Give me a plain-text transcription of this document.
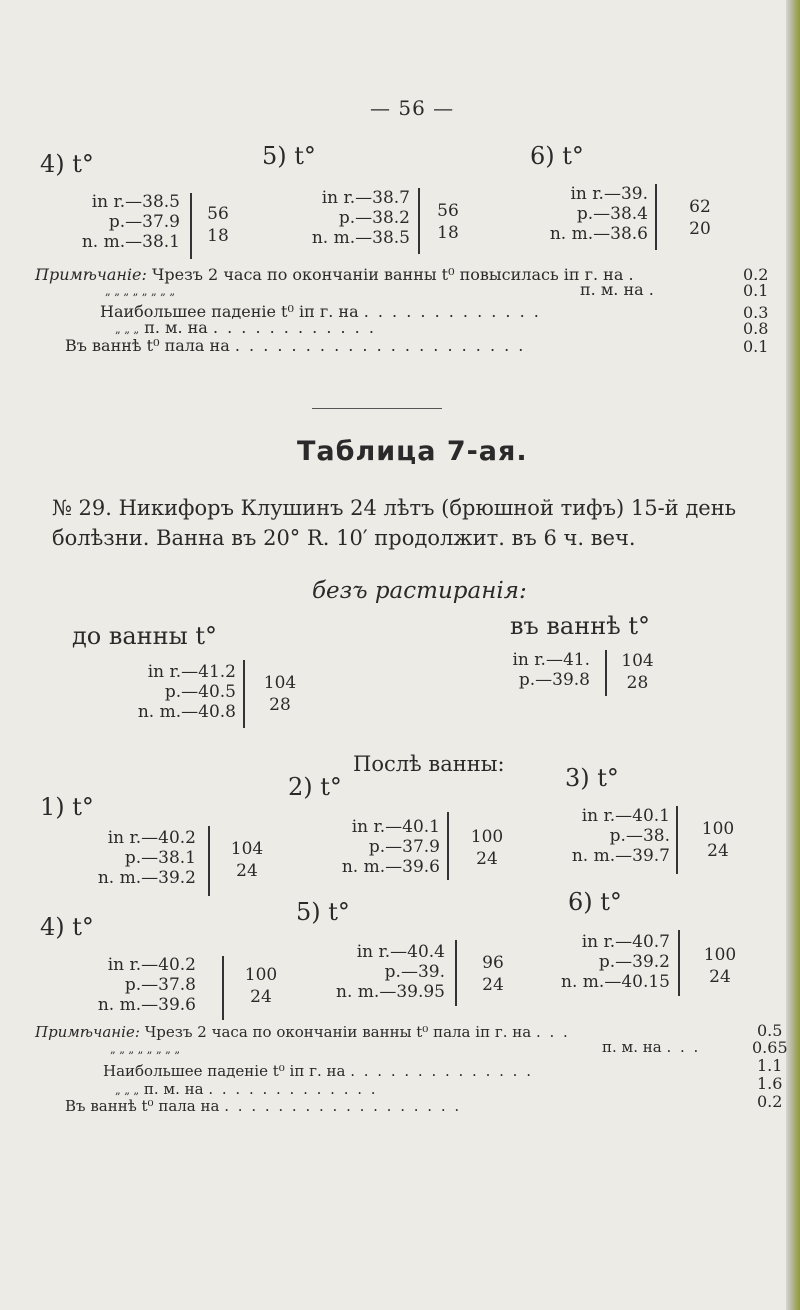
— 56 —
4) t°
in r.—38.5
p.—37.9
n. m.—38.1
56
18
5) t°
in r.—38.7
p.—38.2
n. m.—38.5
56
18
6) t°
in r.—39.
p.—38.4
n. m.—38.6
62
20
Примѣчаніе: Чрезъ 2 часа по окончаніи ванны t⁰ повысилась іп г. на .
„ „ „ „ „ „ „ „	п. м. на .
Наибольшее паденіе t⁰ іп г. на . . . . . . . . . . . . .
„ „ „ п. м. на . . . . . . . . . . . .
Въ ваннѣ t⁰ пала на . . . . . . . . . . . . . . . . . . . . .
0.2
0.1
0.3
0.8
0.1
Таблица 7-ая.
№ 29. Никифоръ Клушинъ 24 лѣтъ (брюшной тифъ) 15-й день
болѣзни. Ванна въ 20° R. 10′ продолжит. въ 6 ч. веч.
безъ растиранія:
до ванны t°
in r.—41.2
p.—40.5
n. m.—40.8
104
28
въ ваннѣ t°
in r.—41.
p.—39.8
104
28
Послѣ ванны:
1) t°
in r.—40.2
p.—38.1
n. m.—39.2
104
24
2) t°
in r.—40.1
p.—37.9
n. m.—39.6
100
24
3) t°
in r.—40.1
p.—38.
n. m.—39.7
100
24
4) t°
in r.—40.2
p.—37.8
n. m.—39.6
100
24
5) t°
in r.—40.4
p.—39.
n. m.—39.95
96
24
6) t°
in r.—40.7
p.—39.2
n. m.—40.15
100
24
Примѣчаніе: Чрезъ 2 часа по окончаніи ванны t⁰ пала іп г. на . . .
„ „ „ „ „ „ „ „	п. м. на . . .
Наибольшее паденіе t⁰ іп г. на . . . . . . . . . . . . . .
„ „ „ п. м. на . . . . . . . . . . . . .
Въ ваннѣ t⁰ пала на . . . . . . . . . . . . . . . . . .
0.5
0.65
1.1
1.6
0.2
